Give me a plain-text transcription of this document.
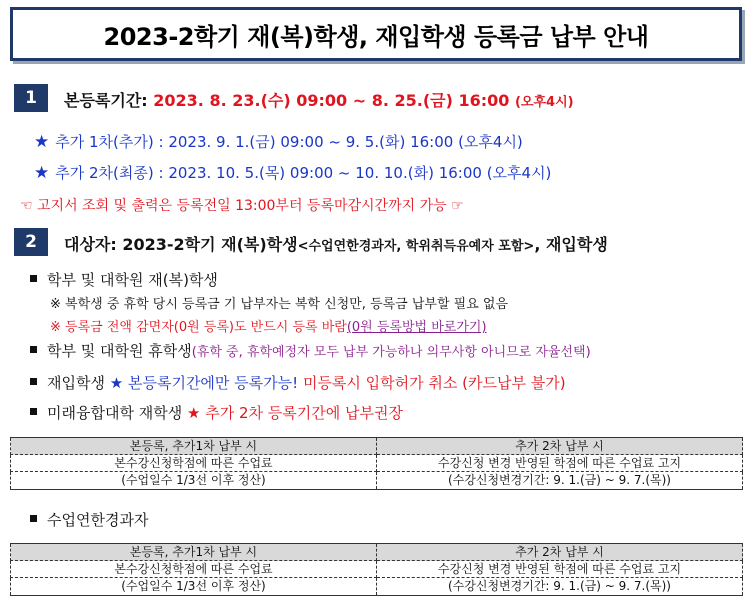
2023-2학기 재(복)학생, 재입학생 등록금 납부 안내
1	본등록기간: 2023. 8. 23.(수) 09:00 ~ 8. 25.(금) 16:00 (오후4시)
★ 추가 1차(추가) : 2023. 9. 1.(금) 09:00 ~ 9. 5.(화) 16:00 (오후4시)
★ 추가 2차(최종) : 2023. 10. 5.(목) 09:00 ~ 10. 10.(화) 16:00 (오후4시)
☜ 고지서 조회 및 출력은 등록전일 13:00부터 등록마감시간까지 가능 ☞
2	대상자: 2023-2학기 재(복)학생<수업연한경과자, 학위취득유예자 포함>, 재입학생
학부 및 대학원 재(복)학생
※ 복학생 중 휴학 당시 등록금 기 납부자는 복학 신청만, 등록금 납부할 필요 없음
※ 등록금 전액 감면자(0원 등록)도 반드시 등록 바람(0원 등록방법 바로가기)
학부 및 대학원 휴학생(휴학 중, 휴학예정자 모두 납부 가능하나 의무사항 아니므로 자율선택)
재입학생 ★ 본등록기간에만 등록가능! 미등록시 입학허가 취소 (카드납부 불가)
미래융합대학 재학생 ★ 추가 2차 등록기간에 납부권장
본등록, 추가1차 납부 시	추가 2차 납부 시
본수강신청학점에 따른 수업료	수강신청 변경 반영된 학점에 따른 수업료 고지
(수업일수 1/3선 이후 정산)	(수강신청변경기간: 9. 1.(금) ~ 9. 7.(목))
수업연한경과자
본등록, 추가1차 납부 시	추가 2차 납부 시
본수강신청학점에 따른 수업료	수강신청 변경 반영된 학점에 따른 수업료 고지
(수업일수 1/3선 이후 정산)	(수강신청변경기간: 9. 1.(금) ~ 9. 7.(목))
